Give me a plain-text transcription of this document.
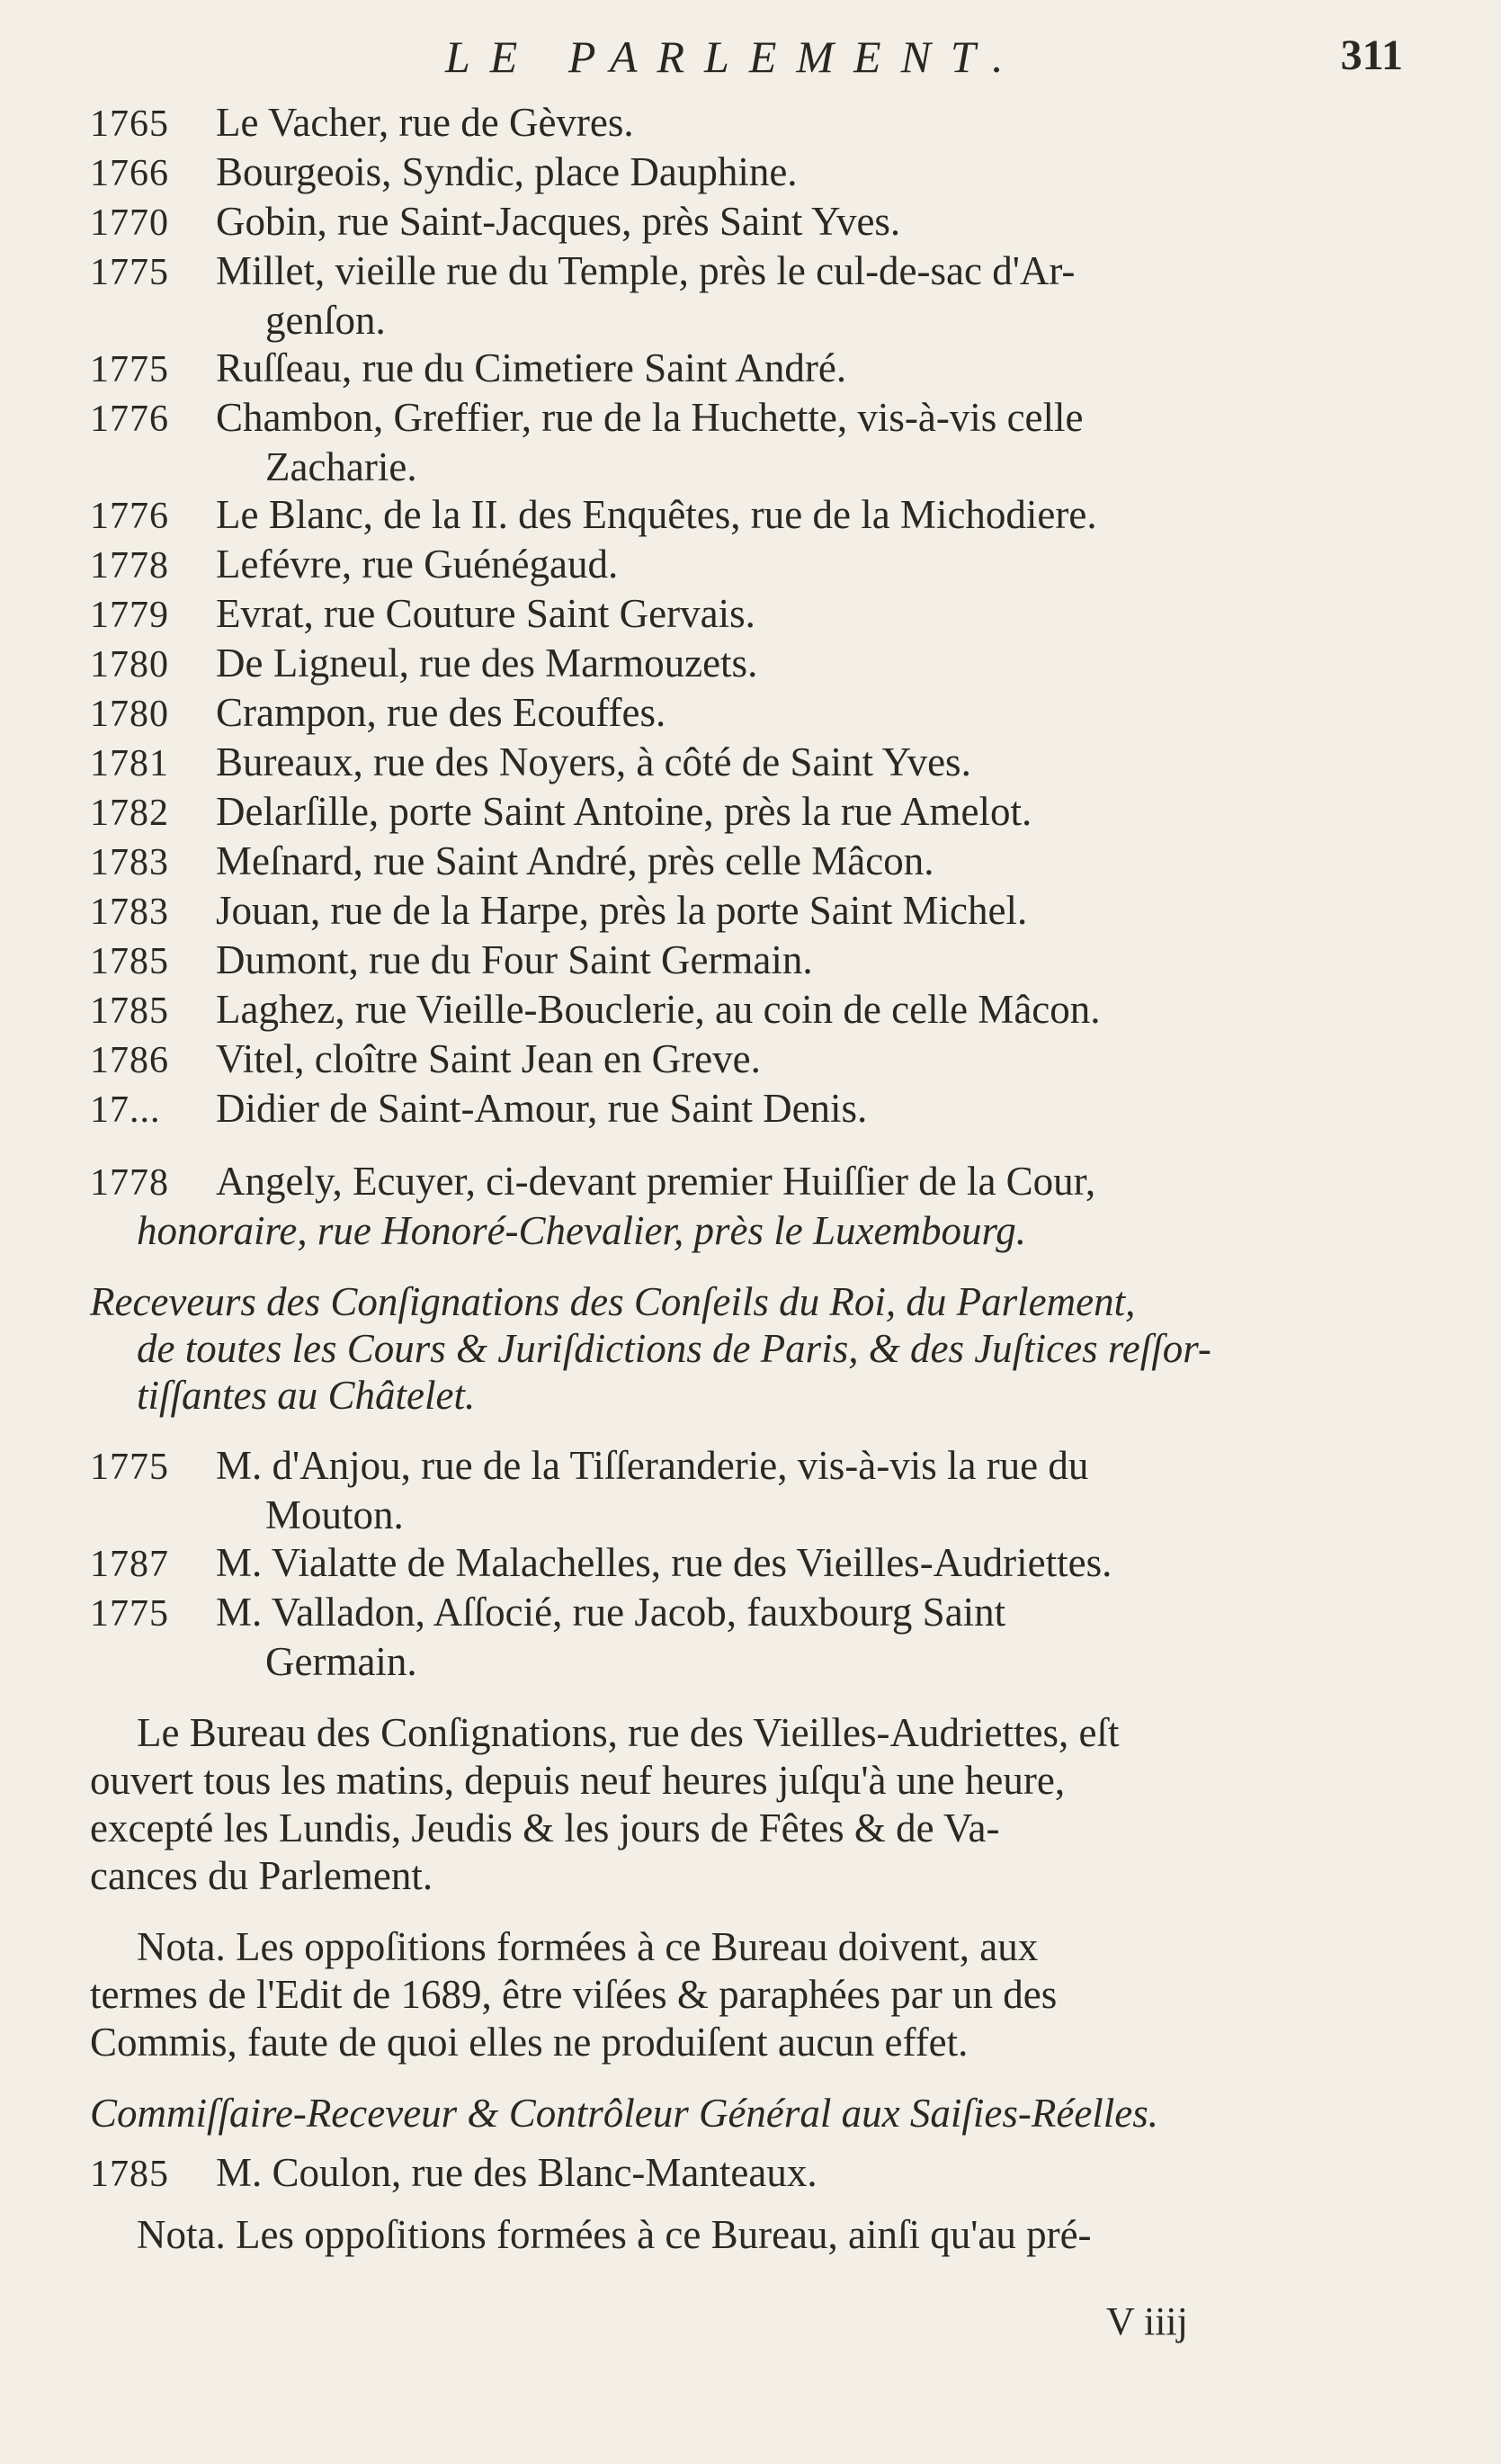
LE PARLEMENT.	311
1765	Le Vacher, rue de Gèvres.
1766	Bourgeois, Syndic, place Dauphine.
1770	Gobin, rue Saint-Jacques, près Saint Yves.
1775	Millet, vieille rue du Temple, près le cul-de-sac d'Ar-
genſon.
1775	Ruſſeau, rue du Cimetiere Saint André.
1776	Chambon, Greffier, rue de la Huchette, vis-à-vis celle
Zacharie.
1776	Le Blanc, de la II. des Enquêtes, rue de la Michodiere.
1778	Lefévre, rue Guénégaud.
1779	Evrat, rue Couture Saint Gervais.
1780	De Ligneul, rue des Marmouzets.
1780	Crampon, rue des Ecouffes.
1781	Bureaux, rue des Noyers, à côté de Saint Yves.
1782	Delarſille, porte Saint Antoine, près la rue Amelot.
1783	Meſnard, rue Saint André, près celle Mâcon.
1783	Jouan, rue de la Harpe, près la porte Saint Michel.
1785	Dumont, rue du Four Saint Germain.
1785	Laghez, rue Vieille-Bouclerie, au coin de celle Mâcon.
1786	Vitel, cloître Saint Jean en Greve.
17...	Didier de Saint-Amour, rue Saint Denis.
1778	Angely, Ecuyer, ci-devant premier Huiſſier de la Cour,
honoraire, rue Honoré-Chevalier, près le Luxembourg.
Receveurs des Conſignations des Conſeils du Roi, du Parlement,
de toutes les Cours & Juriſdictions de Paris, & des Juſtices reſſor-
tiſſantes au Châtelet.
1775	M. d'Anjou, rue de la Tiſſeranderie, vis-à-vis la rue du
Mouton.
1787	M. Vialatte de Malachelles, rue des Vieilles-Audriettes.
1775	M. Valladon, Aſſocié, rue Jacob, fauxbourg Saint
Germain.
Le Bureau des Conſignations, rue des Vieilles-Audriettes, eſt
ouvert tous les matins, depuis neuf heures juſqu'à une heure,
excepté les Lundis, Jeudis & les jours de Fêtes & de Va-
cances du Parlement.
Nota. Les oppoſitions formées à ce Bureau doivent, aux
termes de l'Edit de 1689, être viſées & paraphées par un des
Commis, faute de quoi elles ne produiſent aucun effet.
Commiſſaire-Receveur & Contrôleur Général aux Saiſies-Réelles.
1785	M. Coulon, rue des Blanc-Manteaux.
Nota. Les oppoſitions formées à ce Bureau, ainſi qu'au pré-
V iiij
